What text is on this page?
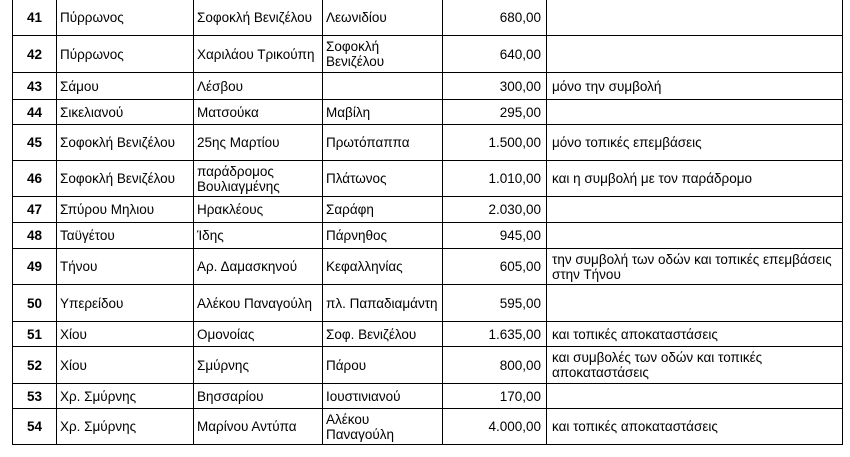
41	Πύρρωνος	Σοφοκλή Βενιζέλου	Λεωνιδίου	680,00	
42	Πύρρωνος	Χαριλάου Τρικούπη	Σοφοκλή Βενιζέλου	640,00	
43	Σάμου	Λέσβου		300,00	μόνο την συμβολή
44	Σικελιανού	Ματσούκα	Μαβίλη	295,00	
45	Σοφοκλή Βενιζέλου	25ης Μαρτίου	Πρωτόπαππα	1.500,00	μόνο τοπικές επεμβάσεις
46	Σοφοκλή Βενιζέλου	παράδρομος Βουλιαγμένης	Πλάτωνος	1.010,00	και η συμβολή με τον παράδρομο
47	Σπύρου Μηλιου	Ηρακλέους	Σαράφη	2.030,00	
48	Ταϋγέτου	Ίδης	Πάρνηθος	945,00	
49	Τήνου	Αρ. Δαμασκηνού	Κεφαλληνίας	605,00	την συμβολή των οδών και τοπικές επεμβάσεις στην Τήνου
50	Υπερείδου	Αλέκου Παναγούλη	πλ. Παπαδιαμάντη	595,00	
51	Χίου	Ομονοίας	Σοφ. Βενιζέλου	1.635,00	και τοπικές αποκαταστάσεις
52	Χίου	Σμύρνης	Πάρου	800,00	και συμβολές των οδών και τοπικές αποκαταστάσεις
53	Χρ. Σμύρνης	Βησσαρίου	Ιουστινιανού	170,00	
54	Χρ. Σμύρνης	Μαρίνου Αντύπα	Αλέκου Παναγούλη	4.000,00	και τοπικές αποκαταστάσεις
